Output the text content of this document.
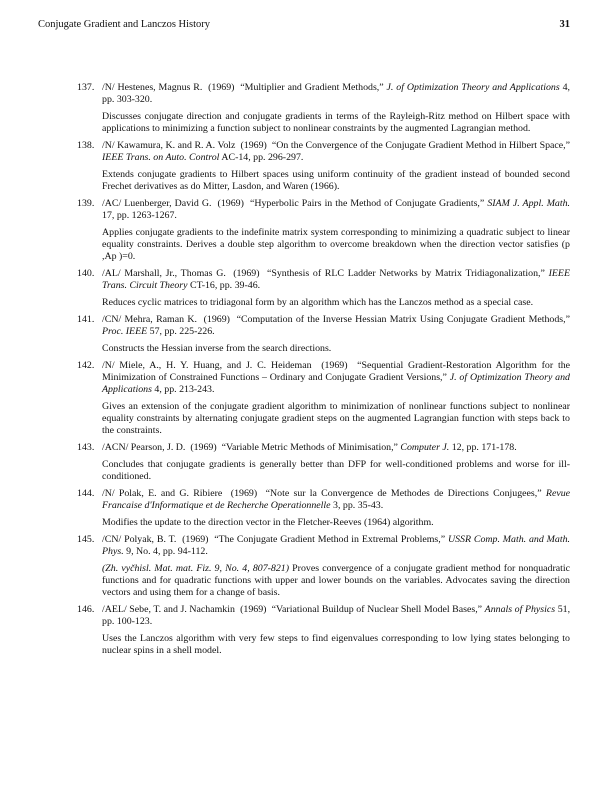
Conjugate Gradient and Lanczos History	31
137. /N/ Hestenes, Magnus R. (1969) “Multiplier and Gradient Methods,” J. of Optimization Theory and Applications 4, pp. 303-320.

Discusses conjugate direction and conjugate gradients in terms of the Rayleigh-Ritz method on Hilbert space with applications to minimizing a function subject to nonlinear constraints by the augmented Lagrangian method.

138. /N/ Kawamura, K. and R. A. Volz (1969) “On the Convergence of the Conjugate Gradient Method in Hilbert Space,” IEEE Trans. on Auto. Control AC-14, pp. 296-297.

Extends conjugate gradients to Hilbert spaces using uniform continuity of the gradient instead of bounded second Frechet derivatives as do Mitter, Lasdon, and Waren (1966).

139. /AC/ Luenberger, David G. (1969) “Hyperbolic Pairs in the Method of Conjugate Gradients,” SIAM J. Appl. Math. 17, pp. 1263-1267.

Applies conjugate gradients to the indefinite matrix system corresponding to minimizing a quadratic subject to linear equality constraints. Derives a double step algorithm to overcome breakdown when the direction vector satisfies (p ,Ap )=0.

140. /AL/ Marshall, Jr., Thomas G. (1969) “Synthesis of RLC Ladder Networks by Matrix Tridiagonalization,” IEEE Trans. Circuit Theory CT-16, pp. 39-46.

Reduces cyclic matrices to tridiagonal form by an algorithm which has the Lanczos method as a special case.

141. /CN/ Mehra, Raman K. (1969) “Computation of the Inverse Hessian Matrix Using Conjugate Gradient Methods,” Proc. IEEE 57, pp. 225-226.

Constructs the Hessian inverse from the search directions.

142. /N/ Miele, A., H. Y. Huang, and J. C. Heideman (1969) “Sequential Gradient-Restoration Algorithm for the Minimization of Constrained Functions – Ordinary and Conjugate Gradient Versions,” J. of Optimization Theory and Applications 4, pp. 213-243.

Gives an extension of the conjugate gradient algorithm to minimization of nonlinear functions subject to nonlinear equality constraints by alternating conjugate gradient steps on the augmented Lagrangian function with steps back to the constraints.

143. /ACN/ Pearson, J. D. (1969) “Variable Metric Methods of Minimisation,” Computer J. 12, pp. 171-178.

Concludes that conjugate gradients is generally better than DFP for well-conditioned problems and worse for ill-conditioned.

144. /N/ Polak, E. and G. Ribiere (1969) “Note sur la Convergence de Methodes de Directions Conjugees,” Revue Francaise d'Informatique et de Recherche Operationnelle 3, pp. 35-43.

Modifies the update to the direction vector in the Fletcher-Reeves (1964) algorithm.

145. /CN/ Polyak, B. T. (1969) “The Conjugate Gradient Method in Extremal Problems,” USSR Comp. Math. and Math. Phys. 9, No. 4, pp. 94-112.

(Zh. vyčhisl. Mat. mat. Fiz. 9, No. 4, 807-821) Proves convergence of a conjugate gradient method for nonquadratic functions and for quadratic functions with upper and lower bounds on the variables. Advocates saving the direction vectors and using them for a change of basis.

146. /AEL/ Sebe, T. and J. Nachamkin (1969) “Variational Buildup of Nuclear Shell Model Bases,” Annals of Physics 51, pp. 100-123.

Uses the Lanczos algorithm with very few steps to find eigenvalues corresponding to low lying states belonging to nuclear spins in a shell model.
